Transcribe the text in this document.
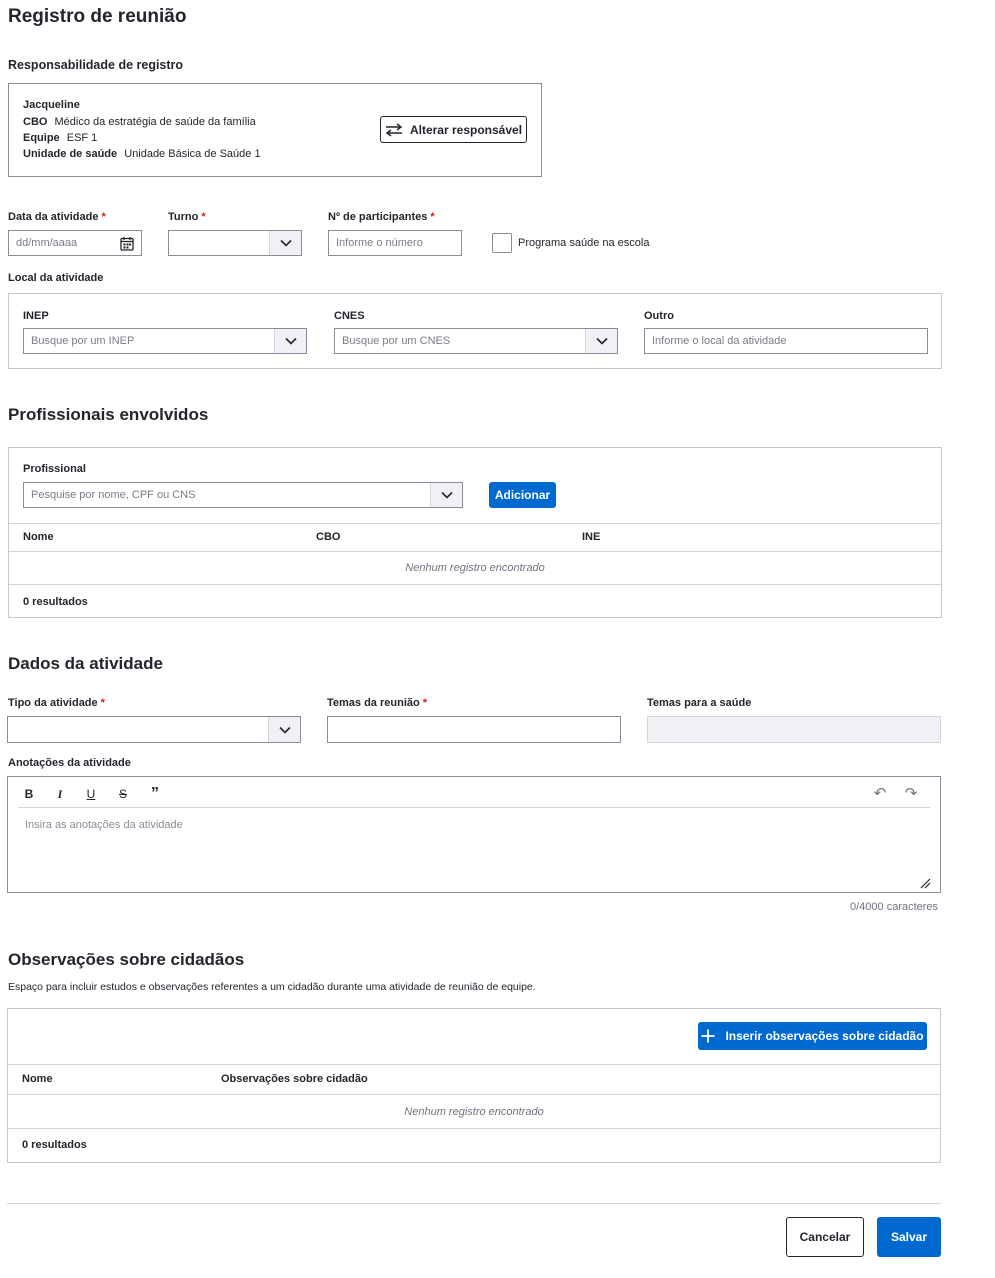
Registro de reunião
Responsabilidade de registro
Jacqueline
CBO Médico da estratégia de saúde da família
Equipe ESF 1
Unidade de saúde Unidade Básica de Saúde 1
Alterar responsável
Data da atividade *
dd/mm/aaaa
Turno *	Nº de participantes *
Informe o número	Programa saúde na escola
Local da atividade
INEP
Busque por um INEP
CNES
Busque por um CNES
Outro
Informe o local da atividade
Profissionais envolvidos
Profissional
Pesquise por nome, CPF ou CNS	Adicionar
Nome	CBO	INE
Nenhum registro encontrado
0 resultados
Dados da atividade
Tipo da atividade *	Temas da reunião *	Temas para a saúde
Anotações da atividade
B	I	U	S	”	↶ ↷
Insira as anotações da atividade
0/4000 caracteres
Observações sobre cidadãos
Espaço para incluir estudos e observações referentes a um cidadão durante uma atividade de reunião de equipe.
Inserir observações sobre cidadão
Nome	Observações sobre cidadão
Nenhum registro encontrado
0 resultados
Cancelar	Salvar
